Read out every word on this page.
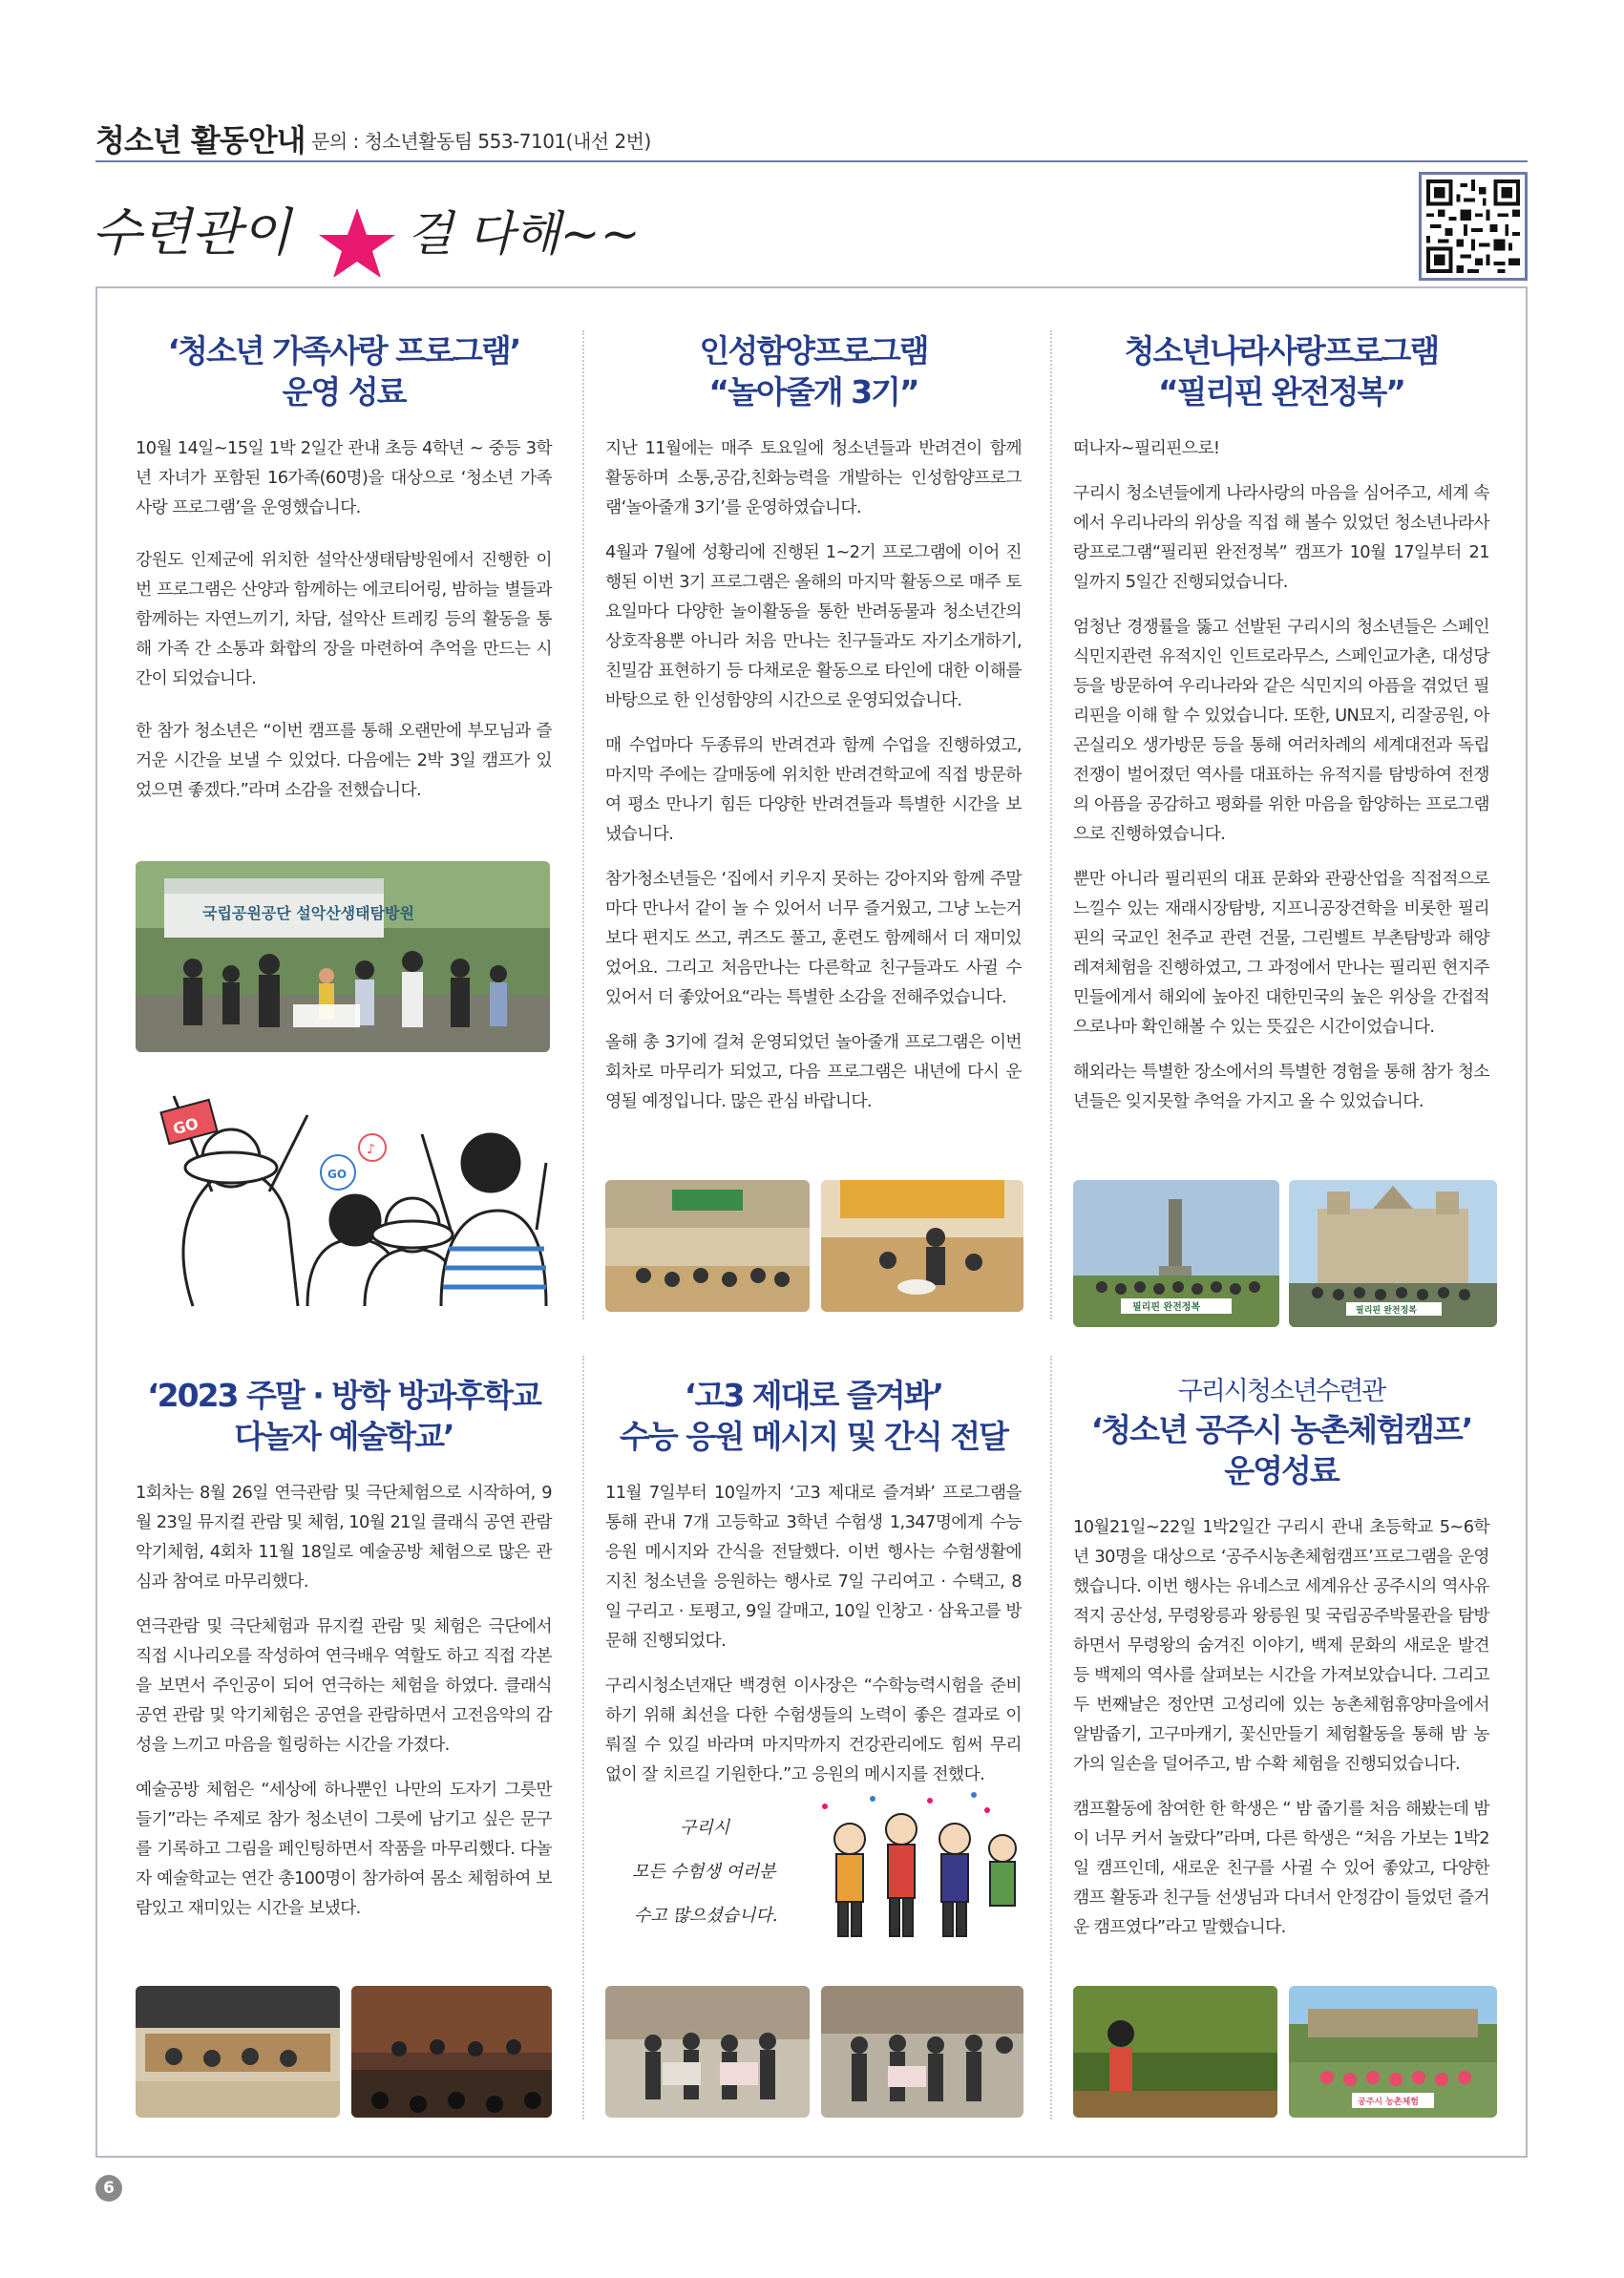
청소년 활동안내 문의 : 청소년활동팀 553-7101(내선 2번)
수련관이 걸 다해~~
‘청소년 가족사랑 프로그램’
운영 성료

10월 14일~15일 1박 2일간 관내 초등 4학년 ~ 중등 3학년 자녀가 포함된 16가족(60명)을 대상으로 ‘청소년 가족사랑 프로그램’을 운영했습니다.

강원도 인제군에 위치한 설악산생태탐방원에서 진행한 이번 프로그램은 산양과 함께하는 에코티어링, 밤하늘 별들과 함께하는 자연느끼기, 차담, 설악산 트레킹 등의 활동을 통해 가족 간 소통과 화합의 장을 마련하여 추억을 만드는 시간이 되었습니다.

한 참가 청소년은 “이번 캠프를 통해 오랜만에 부모님과 즐거운 시간을 보낼 수 있었다. 다음에는 2박 3일 캠프가 있었으면 좋겠다.”라며 소감을 전했습니다.

국립공원공단 설악산생태탐방원
GO
GO
♪
인성함양프로그램
“놀아줄개 3기”

지난 11월에는 매주 토요일에 청소년들과 반려견이 함께 활동하며 소통,공감,친화능력을 개발하는 인성함양프로그램‘놀아줄개 3기’를 운영하였습니다.

4월과 7월에 성황리에 진행된 1~2기 프로그램에 이어 진행된 이번 3기 프로그램은 올해의 마지막 활동으로 매주 토요일마다 다양한 놀이활동을 통한 반려동물과 청소년간의 상호작용뿐 아니라 처음 만나는 친구들과도 자기소개하기, 친밀감 표현하기 등 다채로운 활동으로 타인에 대한 이해를 바탕으로 한 인성함양의 시간으로 운영되었습니다.

매 수업마다 두종류의 반려견과 함께 수업을 진행하였고, 마지막 주에는 갈매동에 위치한 반려견학교에 직접 방문하여 평소 만나기 힘든 다양한 반려견들과 특별한 시간을 보냈습니다.

참가청소년들은 ‘집에서 키우지 못하는 강아지와 함께 주말마다 만나서 같이 놀 수 있어서 너무 즐거웠고, 그냥 노는거보다 편지도 쓰고, 퀴즈도 풀고, 훈련도 함께해서 더 재미있었어요. 그리고 처음만나는 다른학교 친구들과도 사귈 수 있어서 더 좋았어요“라는 특별한 소감을 전해주었습니다.

올해 총 3기에 걸쳐 운영되었던 놀아줄개 프로그램은 이번회차로 마무리가 되었고, 다음 프로그램은 내년에 다시 운영될 예정입니다. 많은 관심 바랍니다.

청소년나라사랑프로그램
“필리핀 완전정복”

떠나자~필리핀으로!

구리시 청소년들에게 나라사랑의 마음을 심어주고, 세계 속에서 우리나라의 위상을 직접 해 볼수 있었던 청소년나라사랑프로그램“필리핀 완전정복” 캠프가 10월 17일부터 21일까지 5일간 진행되었습니다.

엄청난 경쟁률을 뚫고 선발된 구리시의 청소년들은 스페인식민지관련 유적지인 인트로라무스, 스페인교가촌, 대성당등을 방문하여 우리나라와 같은 식민지의 아픔을 겪었던 필리핀을 이해 할 수 있었습니다. 또한, UN묘지, 리잘공원, 아곤실리오 생가방문 등을 통해 여러차례의 세계대전과 독립전쟁이 벌어졌던 역사를 대표하는 유적지를 탐방하여 전쟁의 아픔을 공감하고 평화를 위한 마음을 함양하는 프로그램으로 진행하였습니다.

뿐만 아니라 필리핀의 대표 문화와 관광산업을 직접적으로 느낄수 있는 재래시장탐방, 지프니공장견학을 비롯한 필리핀의 국교인 천주교 관련 건물, 그린벨트 부촌탐방과 해양레져체험을 진행하였고, 그 과정에서 만나는 필리핀 현지주민들에게서 해외에 높아진 대한민국의 높은 위상을 간접적으로나마 확인해볼 수 있는 뜻깊은 시간이었습니다.

해외라는 특별한 장소에서의 특별한 경험을 통해 참가 청소년들은 잊지못할 추억을 가지고 올 수 있었습니다.

필리핀 완전정복	필리핀 완전정복
‘2023 주말 · 방학 방과후학교
다놀자 예술학교’

1회차는 8월 26일 연극관람 및 극단체험으로 시작하여, 9월 23일 뮤지컬 관람 및 체험, 10월 21일 클래식 공연 관람 악기체험, 4회차 11월 18일로 예술공방 체험으로 많은 관심과 참여로 마무리했다.

연극관람 및 극단체험과 뮤지컬 관람 및 체험은 극단에서 직접 시나리오를 작성하여 연극배우 역할도 하고 직접 각본을 보면서 주인공이 되어 연극하는 체험을 하였다. 클래식 공연 관람 및 악기체험은 공연을 관람하면서 고전음악의 감성을 느끼고 마음을 힐링하는 시간을 가졌다.

예술공방 체험은 “세상에 하나뿐인 나만의 도자기 그릇만들기”라는 주제로 참가 청소년이 그릇에 남기고 싶은 문구를 기록하고 그림을 페인팅하면서 작품을 마무리했다. 다놀자 예술학교는 연간 총100명이 참가하여 몸소 체험하여 보람있고 재미있는 시간을 보냈다.

‘고3 제대로 즐겨봐’
수능 응원 메시지 및 간식 전달

11월 7일부터 10일까지 ‘고3 제대로 즐겨봐’ 프로그램을 통해 관내 7개 고등학교 3학년 수험생 1,347명에게 수능 응원 메시지와 간식을 전달했다. 이번 행사는 수험생활에 지친 청소년을 응원하는 행사로 7일 구리여고 · 수택고, 8일 구리고 · 토평고, 9일 갈매고, 10일 인창고 · 삼육고를 방문해 진행되었다.

구리시청소년재단 백경현 이사장은 “수학능력시험을 준비하기 위해 최선을 다한 수험생들의 노력이 좋은 결과로 이뤄질 수 있길 바라며 마지막까지 건강관리에도 힘써 무리 없이 잘 치르길 기원한다.”고 응원의 메시지를 전했다.

구리시
모든 수험생 여러분
수고 많으셨습니다.
구리시청소년수련관
‘청소년 공주시 농촌체험캠프’
운영성료

10월21일~22일 1박2일간 구리시 관내 초등학교 5~6학년 30명을 대상으로 ‘공주시농촌체험캠프’프로그램을 운영했습니다. 이번 행사는 유네스코 세계유산 공주시의 역사유적지 공산성, 무령왕릉과 왕릉원 및 국립공주박물관을 탐방하면서 무령왕의 숨겨진 이야기, 백제 문화의 새로운 발견 등 백제의 역사를 살펴보는 시간을 가져보았습니다. 그리고 두 번째날은 정안면 고성리에 있는 농촌체험휴양마을에서 알밤줍기, 고구마캐기, 꽃신만들기 체험활동을 통해 밤 농가의 일손을 덜어주고, 밤 수확 체험을 진행되었습니다.

캠프활동에 참여한 한 학생은 “ 밤 줍기를 처음 해봤는데 밤이 너무 커서 놀랐다”라며, 다른 학생은 “처음 가보는 1박2일 캠프인데, 새로운 친구를 사귈 수 있어 좋았고, 다양한 캠프 활동과 친구들 선생님과 다녀서 안정감이 들었던 즐거운 캠프였다”라고 말했습니다.

공주시 농촌체험
6
